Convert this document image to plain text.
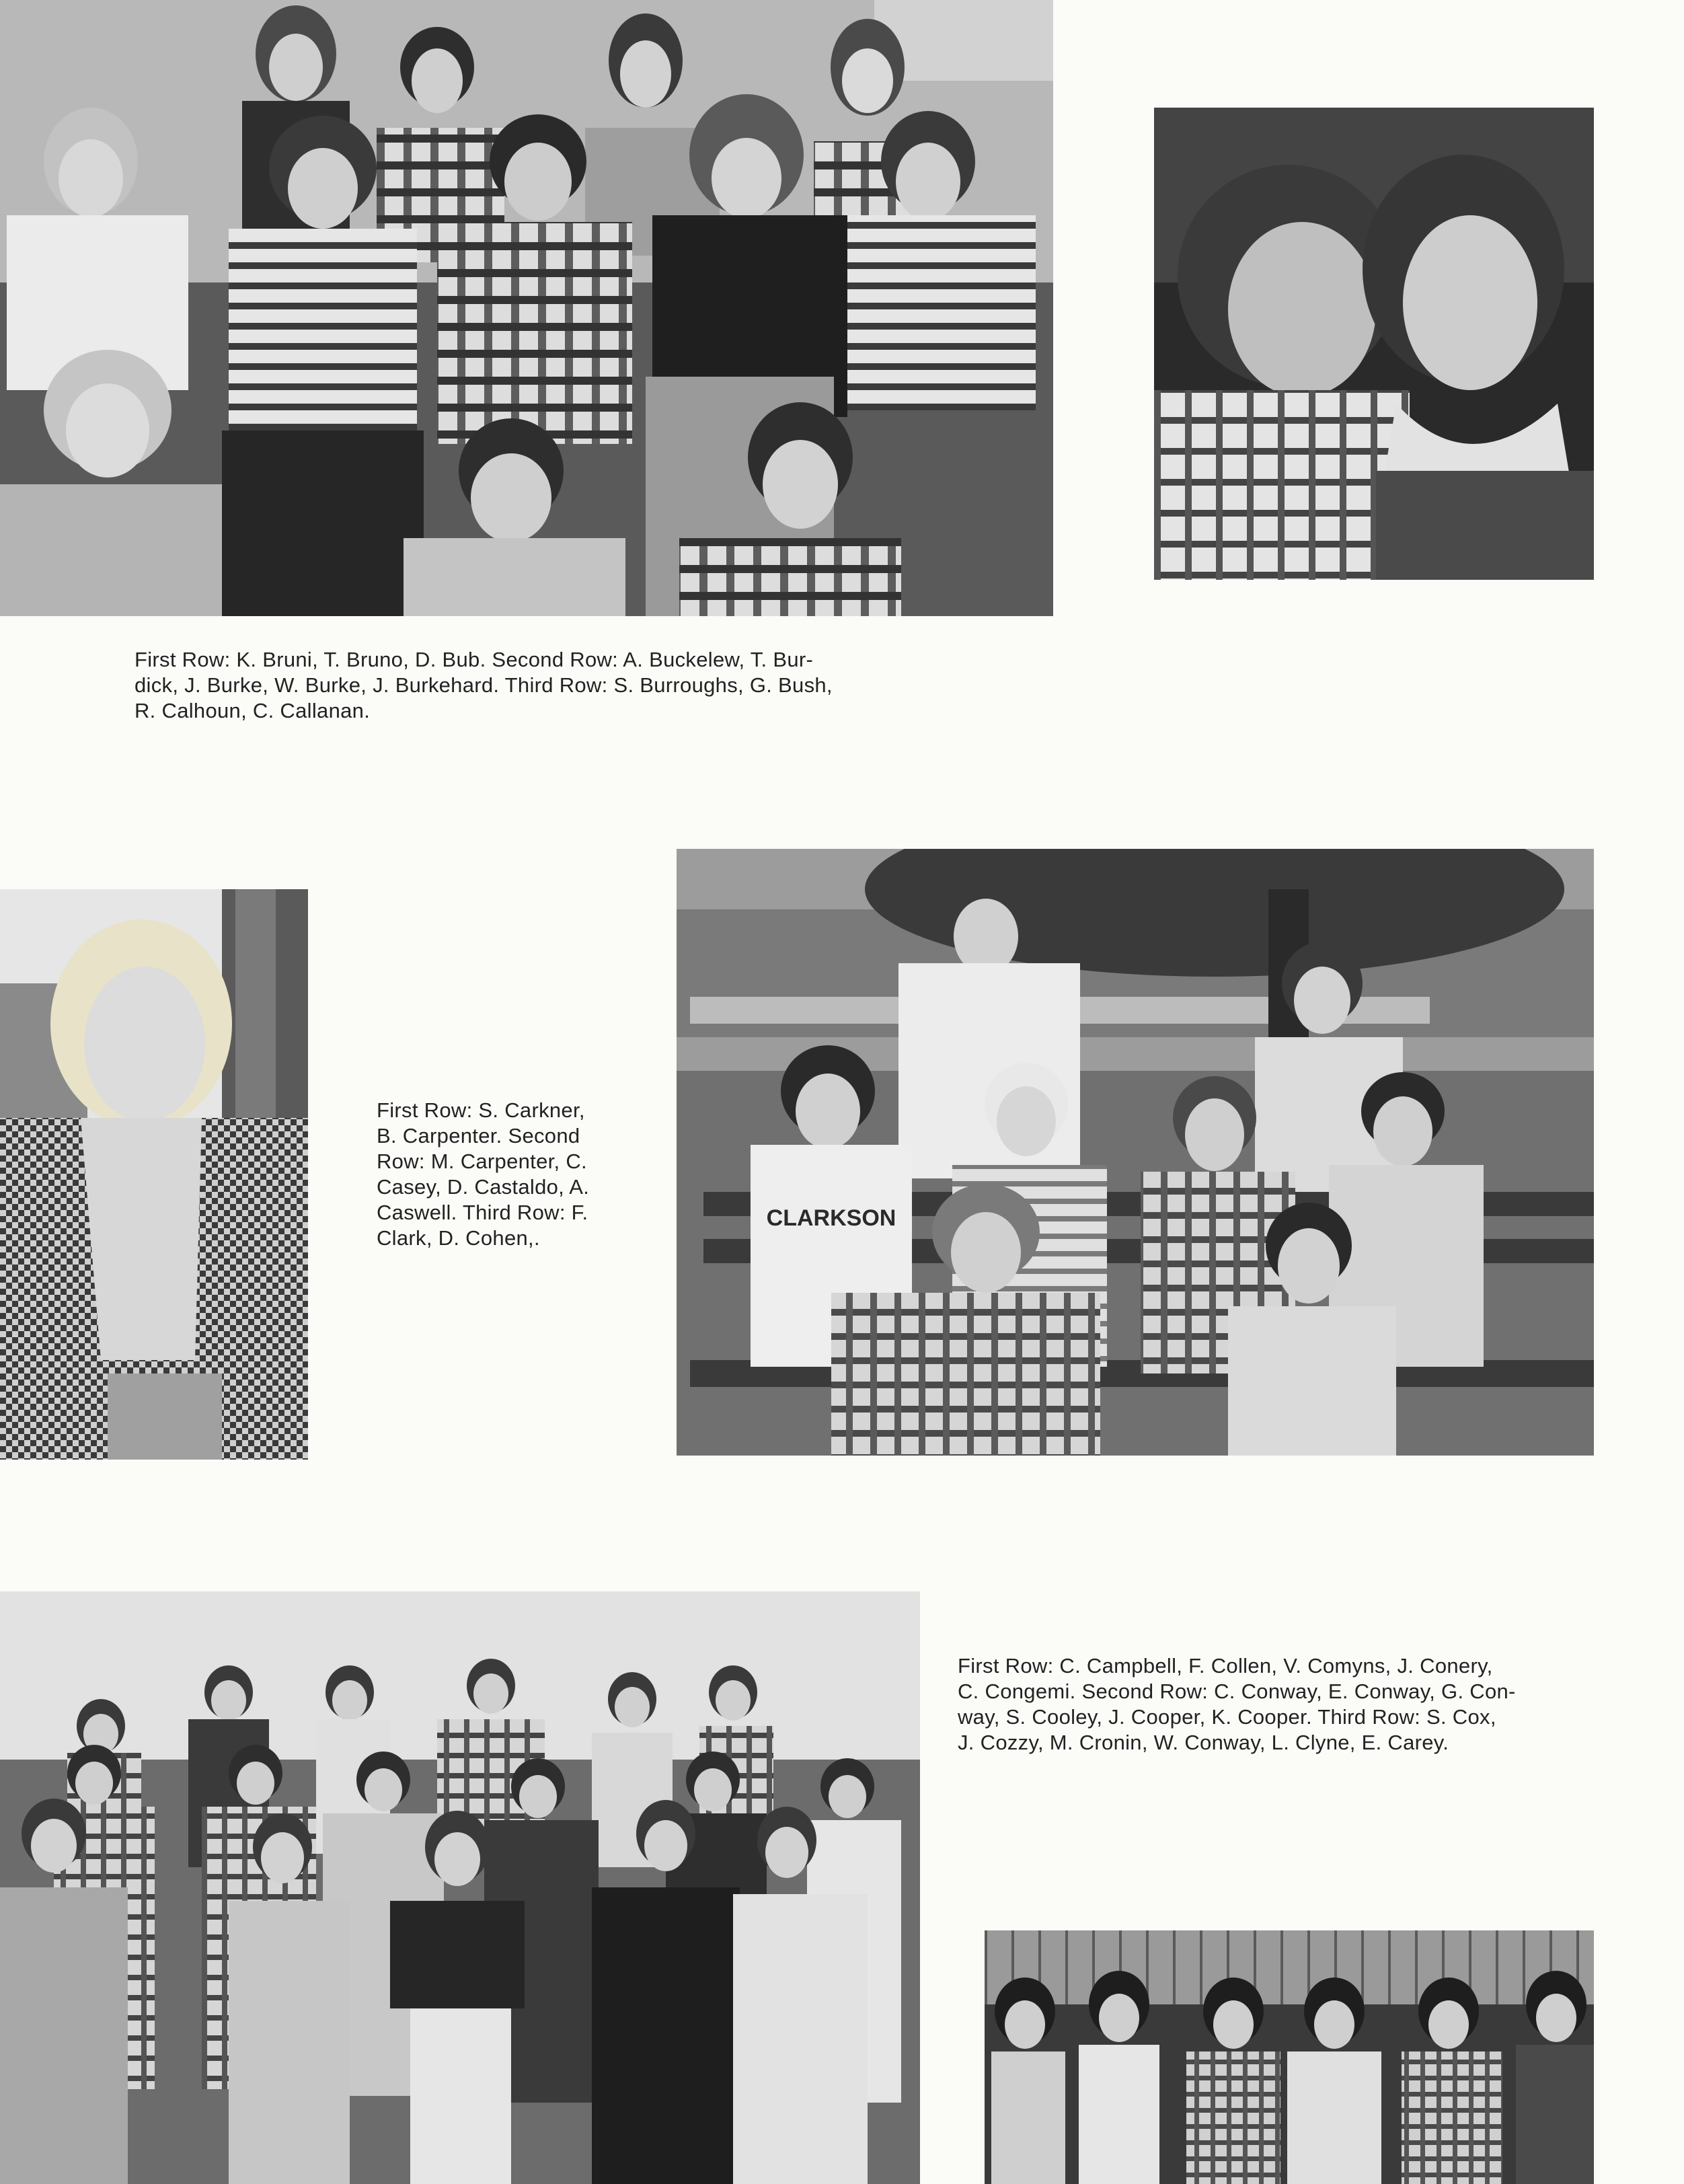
First Row: K. Bruni, T. Bruno, D. Bub. Second Row: A. Buckelew, T. Bur-
dick, J. Burke, W. Burke, J. Burkehard. Third Row: S. Burroughs, G. Bush,
R. Calhoun, C. Callanan.
First Row: S. Carkner,
B. Carpenter. Second
Row: M. Carpenter, C.
Casey, D. Castaldo, A.
Caswell. Third Row: F.
Clark, D. Cohen,.
CLARKSON
First Row: C. Campbell, F. Collen, V. Comyns, J. Conery,
C. Congemi. Second Row: C. Conway, E. Conway, G. Con-
way, S. Cooley, J. Cooper, K. Cooper. Third Row: S. Cox,
J. Cozzy, M. Cronin, W. Conway, L. Clyne, E. Carey.
